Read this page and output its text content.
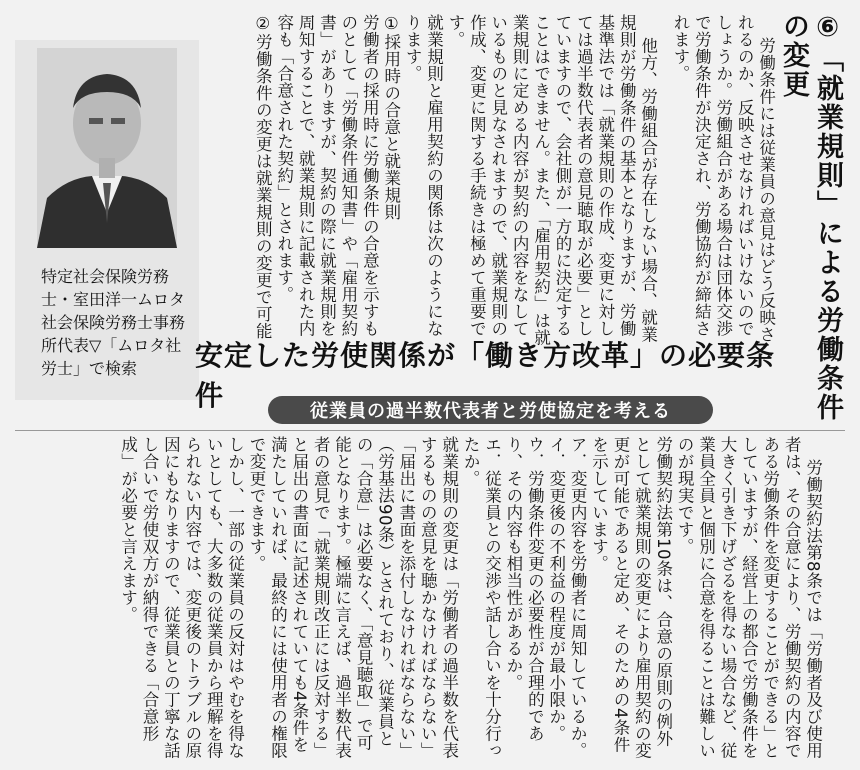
⑥「就業規則」による労働条件の変更

労働条件には従業員の意見はどう反映されるのか、反映させなければいけないのでしょうか。労働組合がある場合は団体交渉で労働条件が決定され、労働協約が締結されます。

他方、労働組合が存在しない場合、就業規則が労働条件の基本となりますが、労働基準法では「就業規則の作成、変更に対しては過半数代表者の意見聴取が必要」としていますので、会社側が一方的に決定することはできません。また、「雇用契約」は就業規則に定める内容が契約の内容をなしているものと見なされますので、就業規則の作成、変更に関する手続きは極めて重要です。
就業規則と雇用契約の関係は次のようになります。
①採用時の合意と就業規則
労働者の採用時に労働条件の合意を示すものとして「労働条件通知書」や「雇用契約書」がありますが、契約の際に就業規則を周知することで、就業規則に記載された内容も「合意された契約」とされます。
②労働条件の変更は就業規則の変更で可能

特定社会保険労務士・室田洋一ムロタ社会保険労務士事務所代表▽「ムロタ社労士」で検索	安定した労使関係が「働き方改革」の必要条件	従業員の過半数代表者と労使協定を考える

労働契約法第8条では「労働者及び使用者は、その合意により、労働契約の内容である労働条件を変更することができる」としていますが、経営上の都合で労働条件を大きく引き下げざるを得ない場合など、従業員全員と個別に合意を得ることは難しいのが現実です。
労働契約法第10条は、合意の原則の例外として就業規則の変更により雇用契約の変更が可能であると定め、そのための4条件を示しています。
ア．変更内容を労働者に周知しているか。
イ．変更後の不利益の程度が最小限か。
ウ．労働条件変更の必要性が合理的であり、その内容も相当性があるか。
エ．従業員との交渉や話し合いを十分行ったか。
就業規則の変更は「労働者の過半数を代表するものの意見を聴かなければならない」「届出に書面を添付しなければならない」（労基法90条）とされており、従業員との「合意」は必要なく、「意見聴取」で可能となります。極端に言えば、過半数代表者の意見で「就業規則改正には反対する」と届出の書面に記述されていても4条件を満たしていれば、最終的には使用者の権限で変更できます。
しかし、一部の従業員の反対はやむを得ないとしても、大多数の従業員から理解を得られない内容では、変更後のトラブルの原因にもなりますので、従業員との丁寧な話し合いで労使双方が納得できる「合意形成」が必要と言えます。
